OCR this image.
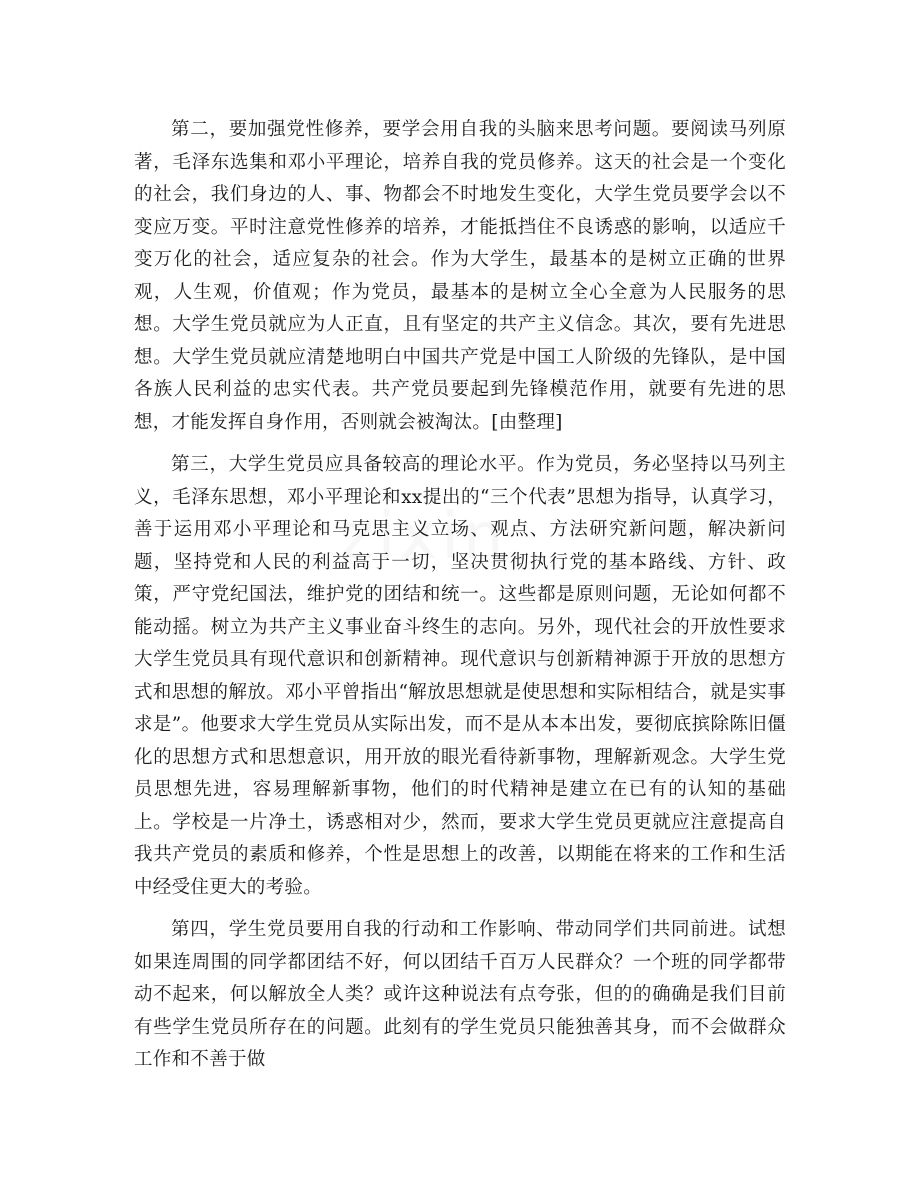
zixin

第二，要加强党性修养，要学会用自我的头脑来思考问题。要阅读马列原著，毛泽东选集和邓小平理论，培养自我的党员修养。这天的社会是一个变化的社会，我们身边的人、事、物都会不时地发生变化，大学生党员要学会以不变应万变。平时注意党性修养的培养，才能抵挡住不良诱惑的影响，以适应千变万化的社会，适应复杂的社会。作为大学生，最基本的是树立正确的世界观，人生观，价值观；作为党员，最基本的是树立全心全意为人民服务的思想。大学生党员就应为人正直，且有坚定的共产主义信念。其次，要有先进思想。大学生党员就应清楚地明白中国共产党是中国工人阶级的先锋队，是中国各族人民利益的忠实代表。共产党员要起到先锋模范作用，就要有先进的思想，才能发挥自身作用，否则就会被淘汰。[由整理]

第三，大学生党员应具备较高的理论水平。作为党员，务必坚持以马列主义，毛泽东思想，邓小平理论和xx提出的“三个代表”思想为指导，认真学习，善于运用邓小平理论和马克思主义立场、观点、方法研究新问题，解决新问题，坚持党和人民的利益高于一切，坚决贯彻执行党的基本路线、方针、政策，严守党纪国法，维护党的团结和统一。这些都是原则问题，无论如何都不能动摇。树立为共产主义事业奋斗终生的志向。另外，现代社会的开放性要求大学生党员具有现代意识和创新精神。现代意识与创新精神源于开放的思想方式和思想的解放。邓小平曾指出“解放思想就是使思想和实际相结合，就是实事求是”。他要求大学生党员从实际出发，而不是从本本出发，要彻底摈除陈旧僵化的思想方式和思想意识，用开放的眼光看待新事物，理解新观念。大学生党员思想先进，容易理解新事物，他们的时代精神是建立在已有的认知的基础上。学校是一片净土，诱惑相对少，然而，要求大学生党员更就应注意提高自我共产党员的素质和修养，个性是思想上的改善，以期能在将来的工作和生活中经受住更大的考验。

第四，学生党员要用自我的行动和工作影响、带动同学们共同前进。试想如果连周围的同学都团结不好，何以团结千百万人民群众？一个班的同学都带动不起来，何以解放全人类？或许这种说法有点夸张，但的的确确是我们目前有些学生党员所存在的问题。此刻有的学生党员只能独善其身，而不会做群众工作和不善于做
